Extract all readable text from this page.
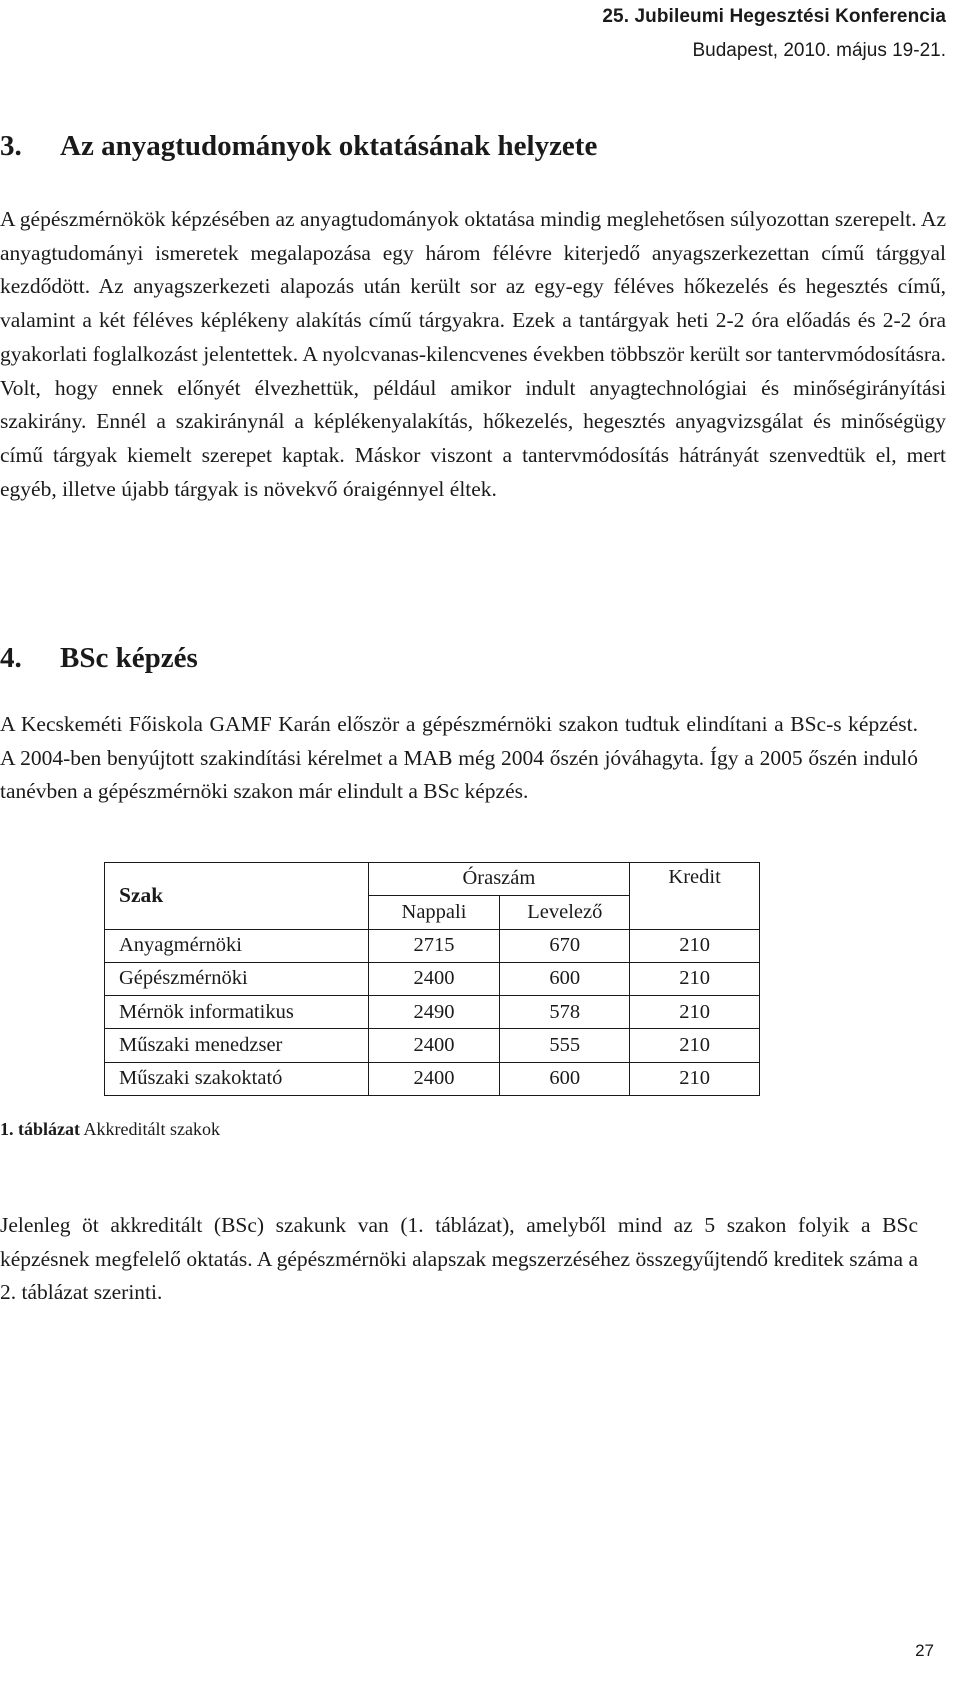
25. Jubileumi Hegesztési Konferencia
Budapest, 2010. május 19-21.
3. Az anyagtudományok oktatásának helyzete

A gépészmérnökök képzésében az anyagtudományok oktatása mindig meglehetősen súlyozottan szerepelt. Az anyagtudományi ismeretek megalapozása egy három félévre kiterjedő anyagszerkezettan című tárggyal kezdődött. Az anyagszerkezeti alapozás után került sor az egy-egy féléves hőkezelés és hegesztés című, valamint a két féléves képlékeny alakítás című tárgyakra. Ezek a tantárgyak heti 2-2 óra előadás és 2-2 óra gyakorlati foglalkozást jelentettek. A nyolcvanas-kilencvenes években többször került sor tantervmódosításra. Volt, hogy ennek előnyét élvezhettük, például amikor indult anyagtechnológiai és minőségirányítási szakirány. Ennél a szakiránynál a képlékenyalakítás, hőkezelés, hegesztés anyagvizsgálat és minőségügy című tárgyak kiemelt szerepet kaptak. Máskor viszont a tantervmódosítás hátrányát szenvedtük el, mert egyéb, illetve újabb tárgyak is növekvő óraigénnyel éltek.

4. BSc képzés

A Kecskeméti Főiskola GAMF Karán először a gépészmérnöki szakon tudtuk elindítani a BSc-s képzést. A 2004-ben benyújtott szakindítási kérelmet a MAB még 2004 őszén jóváhagyta. Így a 2005 őszén induló tanévben a gépészmérnöki szakon már elindult a BSc képzés.

Szak	Óraszám		Kredit
	Nappali	Levelező	
Anyagmérnöki	2715	670	210
Gépészmérnöki	2400	600	210
Mérnök informatikus	2490	578	210
Műszaki menedzser	2400	555	210
Műszaki szakoktató	2400	600	210
1. táblázat Akkreditált szakok

Jelenleg öt akkreditált (BSc) szakunk van (1. táblázat), amelyből mind az 5 szakon folyik a BSc képzésnek megfelelő oktatás. A gépészmérnöki alapszak megszerzéséhez összegyűjtendő kreditek száma a 2. táblázat szerinti.

27
